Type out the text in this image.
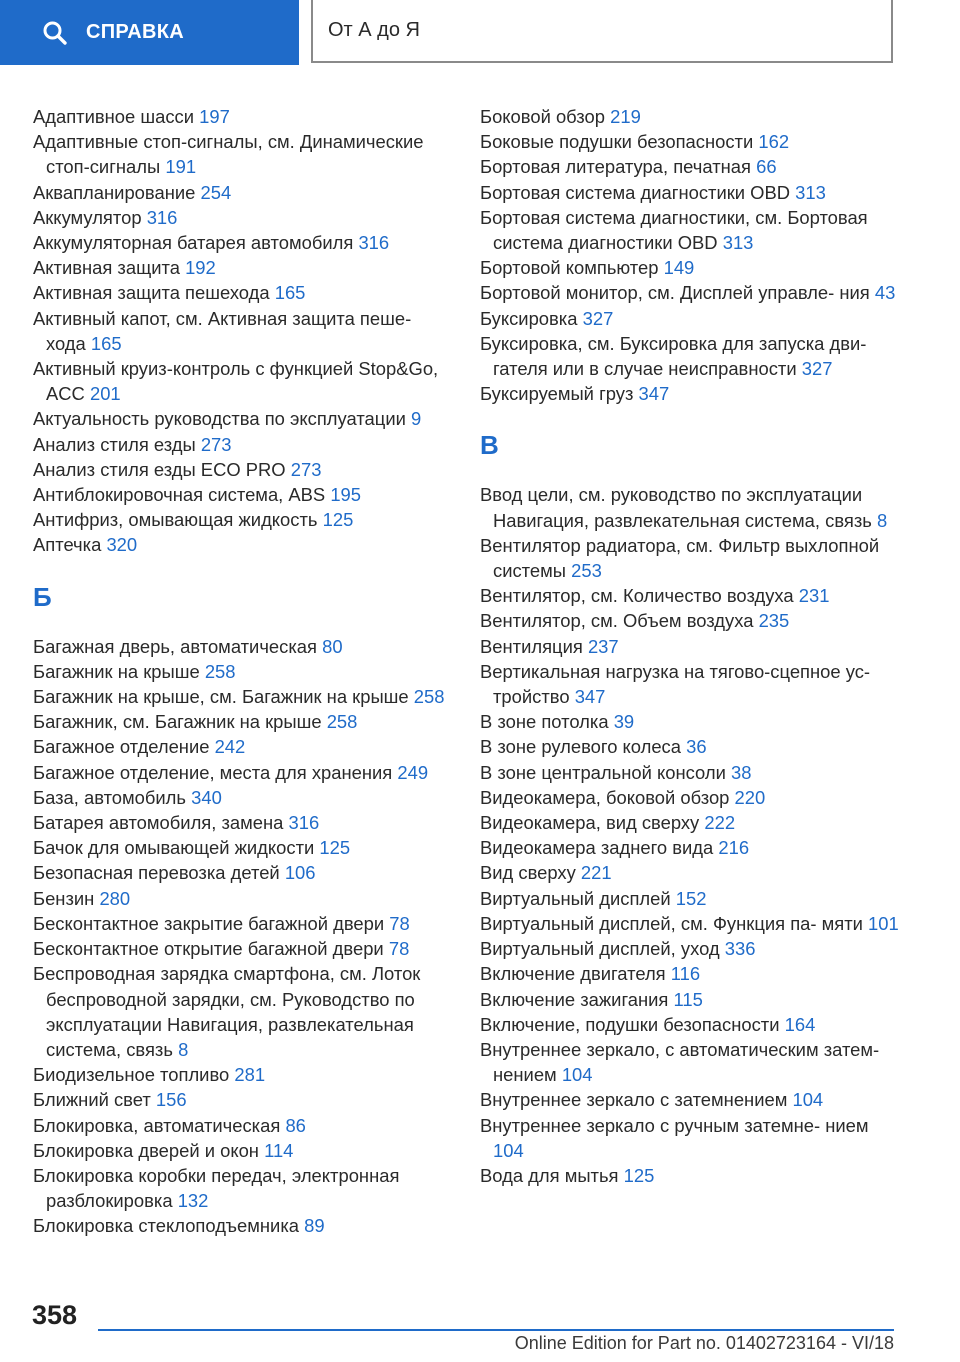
СПРАВКА	От А до Я
Адаптивное шасси 197
Адаптивные стоп-сигналы, см. Динамические стоп-сигналы 191
Аквапланирование 254
Аккумулятор 316
Аккумуляторная батарея автомобиля 316
Активная защита 192
Активная защита пешехода 165
Активный капот, см. Активная защита пеше- хода 165
Активный круиз-контроль с функцией Stop&Go, ACC 201
Актуальность руководства по эксплуатации 9
Анализ стиля езды 273
Анализ стиля езды ECO PRO 273
Антиблокировочная система, ABS 195
Антифриз, омывающая жидкость 125
Аптечка 320
Б
Багажная дверь, автоматическая 80
Багажник на крыше 258
Багажник на крыше, см. Багажник на крыше 258
Багажник, см. Багажник на крыше 258
Багажное отделение 242
Багажное отделение, места для хранения 249
База, автомобиль 340
Батарея автомобиля, замена 316
Бачок для омывающей жидкости 125
Безопасная перевозка детей 106
Бензин 280
Бесконтактное закрытие багажной двери 78
Бесконтактное открытие багажной двери 78
Беспроводная зарядка смартфона, см. Лоток беспроводной зарядки, см. Руководство по эксплуатации Навигация, развлекательная система, связь 8
Биодизельное топливо 281
Ближний свет 156
Блокировка, автоматическая 86
Блокировка дверей и окон 114
Блокировка коробки передач, электронная разблокировка 132
Блокировка стеклоподъемника 89
Боковой обзор 219
Боковые подушки безопасности 162
Бортовая литература, печатная 66
Бортовая система диагностики OBD 313
Бортовая система диагностики, см. Бортовая система диагностики OBD 313
Бортовой компьютер 149
Бортовой монитор, см. Дисплей управле- ния 43
Буксировка 327
Буксировка, см. Буксировка для запуска дви- гателя или в случае неисправности 327
Буксируемый груз 347
В
Ввод цели, см. руководство по эксплуатации Навигация, развлекательная система, связь 8
Вентилятор радиатора, см. Фильтр выхлопной системы 253
Вентилятор, см. Количество воздуха 231
Вентилятор, см. Объем воздуха 235
Вентиляция 237
Вертикальная нагрузка на тягово-сцепное ус- тройство 347
В зоне потолка 39
В зоне рулевого колеса 36
В зоне центральной консоли 38
Видеокамера, боковой обзор 220
Видеокамера, вид сверху 222
Видеокамера заднего вида 216
Вид сверху 221
Виртуальный дисплей 152
Виртуальный дисплей, см. Функция па- мяти 101
Виртуальный дисплей, уход 336
Включение двигателя 116
Включение зажигания 115
Включение, подушки безопасности 164
Внутреннее зеркало, с автоматическим затем- нением 104
Внутреннее зеркало с затемнением 104
Внутреннее зеркало с ручным затемне- нием 104
Вода для мытья 125
358
Online Edition for Part no. 01402723164 - VI/18
